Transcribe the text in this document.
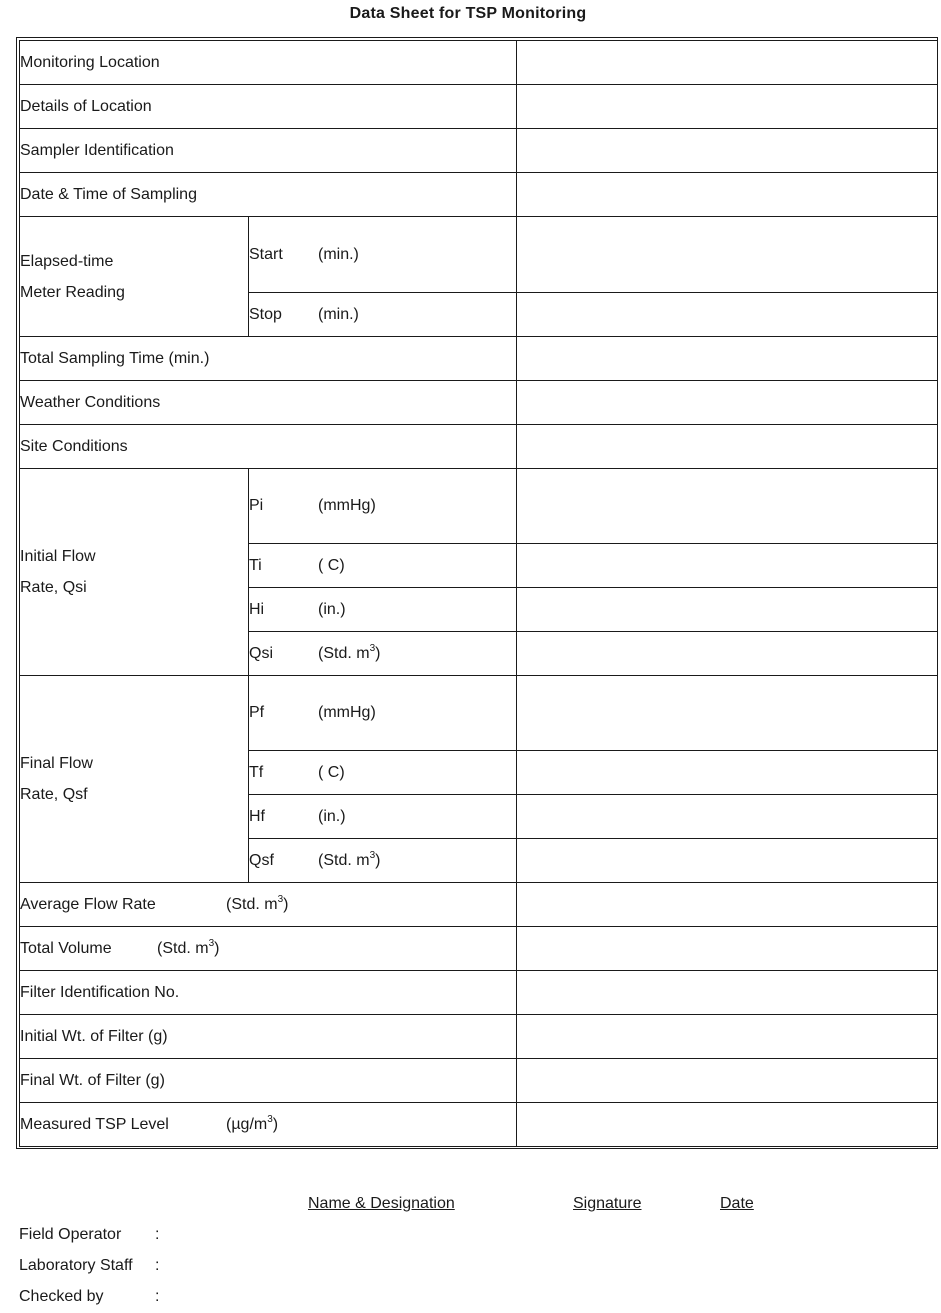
Data Sheet for TSP Monitoring
Monitoring Location		
Details of Location		
Sampler Identification		
Date & Time of Sampling		

Elapsed-time
Meter Reading	Start (min.)	
	Stop (min.)	
Total Sampling Time (min.)		
Weather Conditions		
Site Conditions		

Initial Flow
Rate, Qsi	Pi (mmHg)	
	Ti ( C)	
	Hi (in.)	
	Qsi (Std. $m^3$)	

Final Flow
Rate, Qsf	Pf (mmHg)	
	Tf ( C)	
	Hf (in.)	
	Qsf (Std. $m^3$)	
Average Flow Rate (Std. $m^3$)		
Total Volume (Std. $m^3$)		
Filter Identification No.		
Initial Wt. of Filter (g)		
Final Wt. of Filter (g)		
Measured TSP Level $(\mu g/m^3)$		
Name & Designation	Signature	Date
Field Operator :
Laboratory Staff :
Checked by	:
